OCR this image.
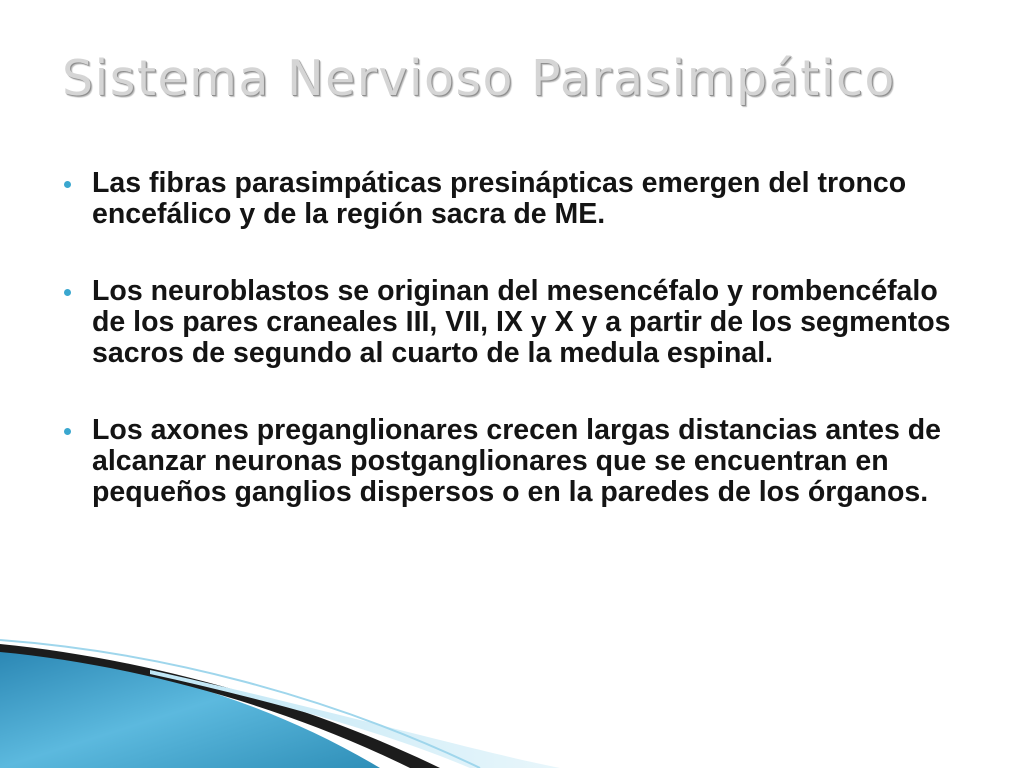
Sistema Nervioso Parasimpático
Las fibras parasimpáticas presinápticas emergen del tronco encefálico y de la región sacra de ME.
Los neuroblastos se originan del mesencéfalo y rombencéfalo de los pares craneales III, VII, IX y X y a partir de los segmentos sacros de segundo al cuarto de la medula espinal.
Los axones preganglionares crecen largas distancias antes de alcanzar neuronas postganglionares que se encuentran en pequeños ganglios dispersos o en la paredes de los órganos.
